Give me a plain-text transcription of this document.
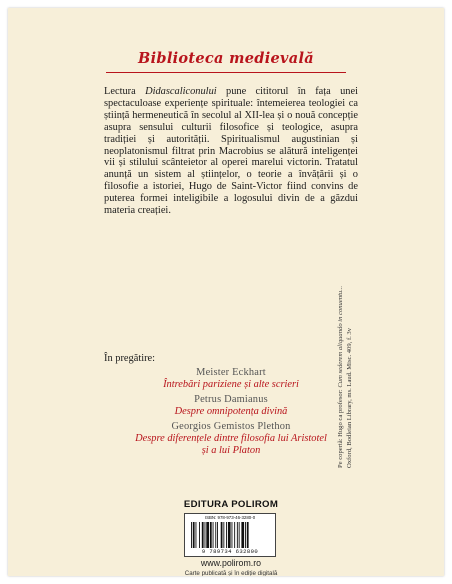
Biblioteca medievală

Lectura Didascaliconului pune cititorul în fața unei spectaculoase experiențe spirituale: întemeierea teologiei ca știință hermeneutică în secolul al XII-lea și o nouă concepție asupra sensului culturii filosofice și teologice, asupra tradiției și autorității. Spiritualismul augustinian și neoplatonismul filtrat prin Macrobius se alătură inteligenței vii și stilului scânteietor al operei marelui victorin. Tratatul anunță un sistem al științelor, o teorie a învățării și o filosofie a istoriei, Hugo de Saint-Victor fiind convins de puterea formei inteligibile a logosului divin de a găzdui materia creației.

În pregătire:
Meister Eckhart
Întrebări pariziene și alte scrieri
Petrus Damianus
Despre omnipotența divină
Georgios Gemistos Plethon
Despre diferențele dintre filosofia lui Aristotel
și a lui Platon
EDITURA POLIROM
ISBN: 978-973-46-3280-0
9 789734 632800
www.polirom.ro
Carte publicată și în ediție digitală
Pe copertă: Hugo ca profesor: Cum sederem aliquando in conuentu... Oxford, Bodleian Library, ms. Laud. Misc. 409, f. 3v
